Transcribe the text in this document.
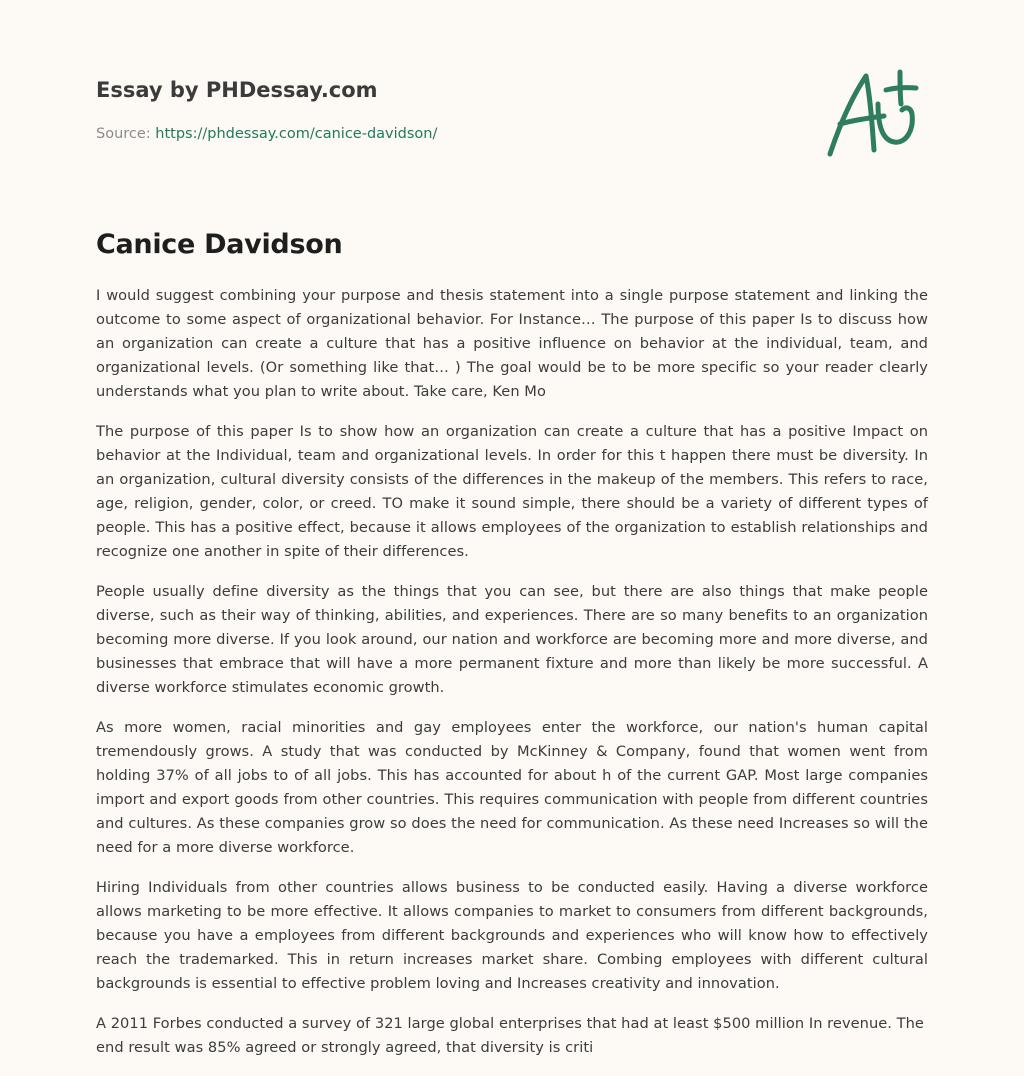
Essay by PHDessay.com
Source: https://phdessay.com/canice-davidson/
Canice Davidson

I would suggest combining your purpose and thesis statement into a single purpose statement and linking the outcome to some aspect of organizational behavior. For Instance… The purpose of this paper Is to discuss how an organization can create a culture that has a positive influence on behavior at the individual, team, and organizational levels. (Or something like that… ) The goal would be to be more specific so your reader clearly understands what you plan to write about. Take care, Ken Mo

The purpose of this paper Is to show how an organization can create a culture that has a positive Impact on behavior at the Individual, team and organizational levels. In order for this t happen there must be diversity. In an organization, cultural diversity consists of the differences in the makeup of the members. This refers to race, age, religion, gender, color, or creed. TO make it sound simple, there should be a variety of different types of people. This has a positive effect, because it allows employees of the organization to establish relationships and recognize one another in spite of their differences.

People usually define diversity as the things that you can see, but there are also things that make people diverse, such as their way of thinking, abilities, and experiences. There are so many benefits to an organization becoming more diverse. If you look around, our nation and workforce are becoming more and more diverse, and businesses that embrace that will have a more permanent fixture and more than likely be more successful. A diverse workforce stimulates economic growth.

As more women, racial minorities and gay employees enter the workforce, our nation's human capital tremendously grows. A study that was conducted by McKinney & Company, found that women went from holding 37% of all jobs to of all jobs. This has accounted for about h of the current GAP. Most large companies import and export goods from other countries. This requires communication with people from different countries and cultures. As these companies grow so does the need for communication. As these need Increases so will the need for a more diverse workforce.

Hiring Individuals from other countries allows business to be conducted easily. Having a diverse workforce allows marketing to be more effective. It allows companies to market to consumers from different backgrounds, because you have a employees from different backgrounds and experiences who will know how to effectively reach the trademarked. This in return increases market share. Combing employees with different cultural backgrounds is essential to effective problem loving and Increases creativity and innovation.

A 2011 Forbes conducted a survey of 321 large global enterprises that had at least $500 million In revenue. The end result was 85% agreed or strongly agreed, that diversity is criti
